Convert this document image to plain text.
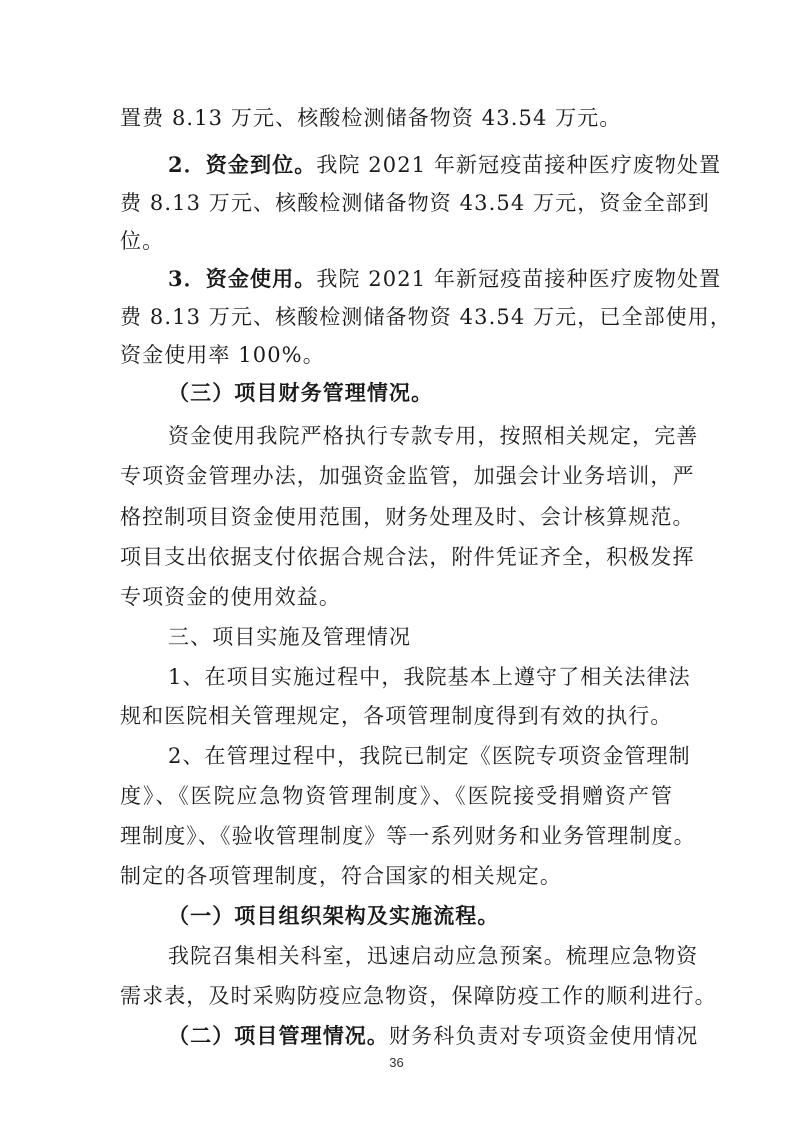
置费 8.13 万元、核酸检测储备物资 43.54 万元。
2．资金到位。我院 2021 年新冠疫苗接种医疗废物处置
费 8.13 万元、核酸检测储备物资 43.54 万元，资金全部到
位。
3．资金使用。我院 2021 年新冠疫苗接种医疗废物处置
费 8.13 万元、核酸检测储备物资 43.54 万元，已全部使用，
资金使用率 100%。
（三）项目财务管理情况。
资金使用我院严格执行专款专用，按照相关规定，完善
专项资金管理办法，加强资金监管，加强会计业务培训，严
格控制项目资金使用范围，财务处理及时、会计核算规范。
项目支出依据支付依据合规合法，附件凭证齐全，积极发挥
专项资金的使用效益。
三、项目实施及管理情况
1、在项目实施过程中，我院基本上遵守了相关法律法
规和医院相关管理规定，各项管理制度得到有效的执行。
2、在管理过程中，我院已制定《医院专项资金管理制
度》、《医院应急物资管理制度》、《医院接受捐赠资产管
理制度》、《验收管理制度》等一系列财务和业务管理制度。
制定的各项管理制度，符合国家的相关规定。
（一）项目组织架构及实施流程。
我院召集相关科室，迅速启动应急预案。梳理应急物资
需求表，及时采购防疫应急物资，保障防疫工作的顺利进行。
（二）项目管理情况。财务科负责对专项资金使用情况
36
